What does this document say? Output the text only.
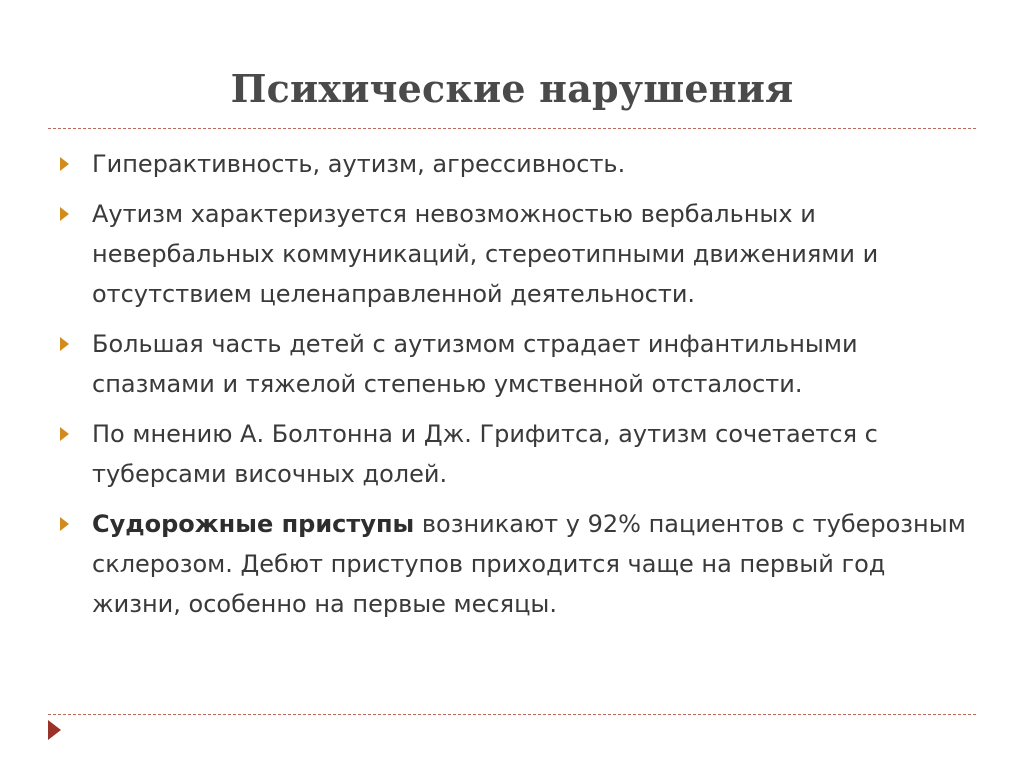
Психические нарушения
Гиперактивность, аутизм, агрессивность.
Аутизм характеризуется невозможностью вербальных и невербальных коммуникаций, стереотипными движениями и отсутствием целенаправленной деятельности.
Большая часть детей с аутизмом страдает инфантильными спазмами и тяжелой степенью умственной отсталости.
По мнению А. Болтонна и Дж. Грифитса, аутизм сочетается с туберсами височных долей.
Судорожные приступы возникают у 92% пациентов с туберозным склерозом. Дебют приступов приходится чаще на первый год жизни, особенно на первые месяцы.
